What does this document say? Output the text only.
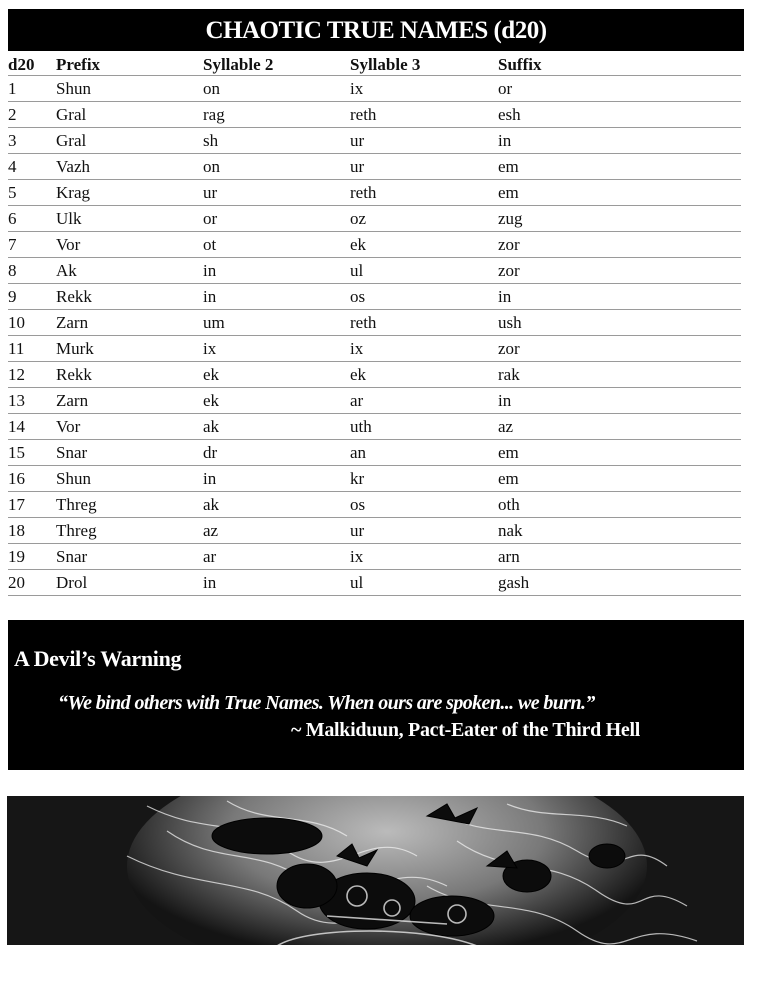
CHAOTIC TRUE NAMES (d20)
d20	Prefix	Syllable 2	Syllable 3	Suffix
1	Shun	on	ix	or
2	Gral	rag	reth	esh
3	Gral	sh	ur	in
4	Vazh	on	ur	em
5	Krag	ur	reth	em
6	Ulk	or	oz	zug
7	Vor	ot	ek	zor
8	Ak	in	ul	zor
9	Rekk	in	os	in
10	Zarn	um	reth	ush
11	Murk	ix	ix	zor
12	Rekk	ek	ek	rak
13	Zarn	ek	ar	in
14	Vor	ak	uth	az
15	Snar	dr	an	em
16	Shun	in	kr	em
17	Threg	ak	os	oth
18	Threg	az	ur	nak
19	Snar	ar	ix	arn
20	Drol	in	ul	gash
A Devil’s Warning
“We bind others with True Names. When ours are spoken... we burn.”
~ Malkiduun, Pact-Eater of the Third Hell
